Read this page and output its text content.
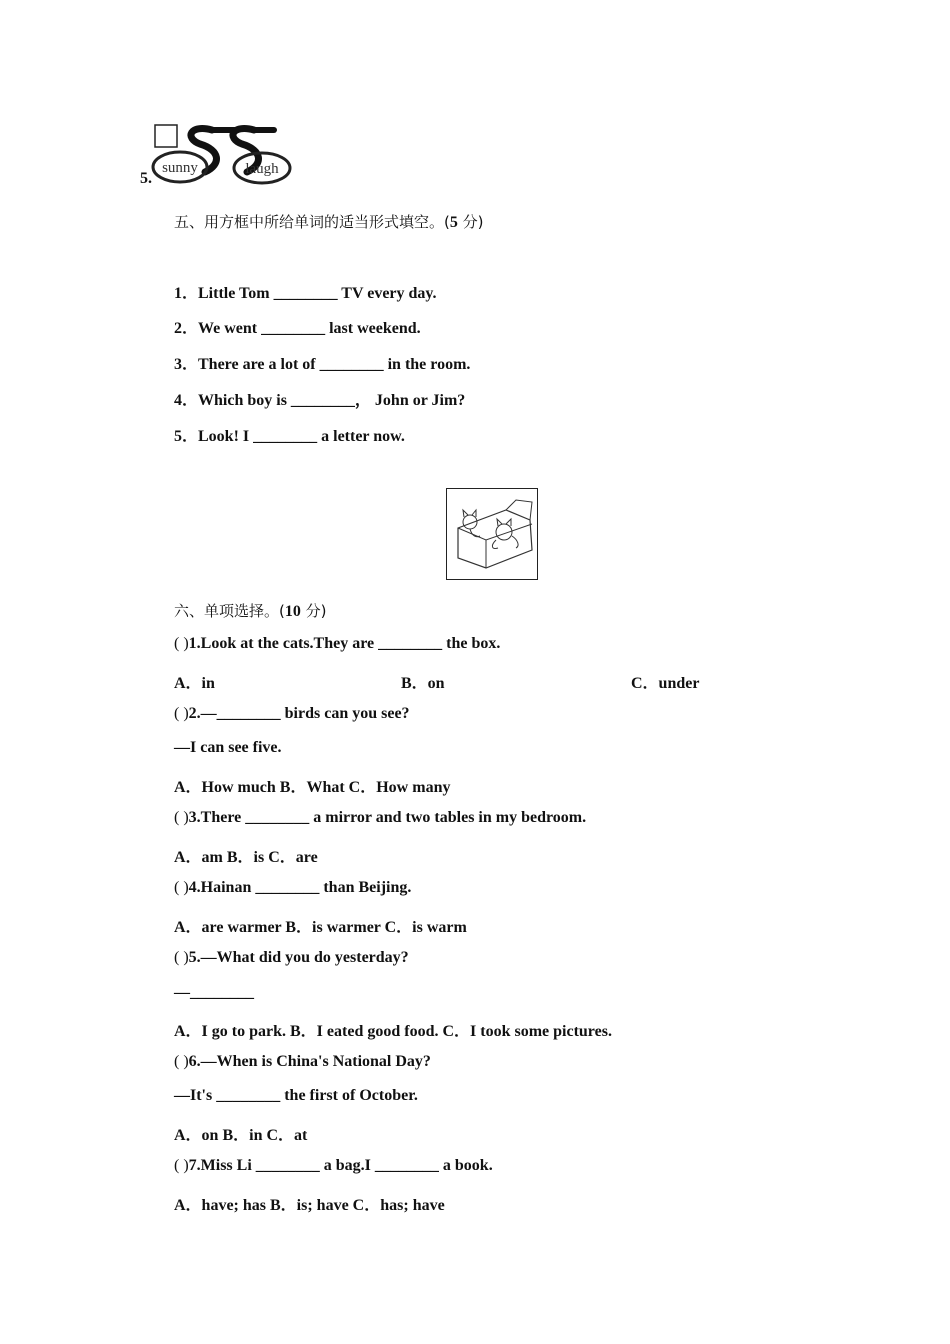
5.
sunny	laugh
五、用方框中所给单词的适当形式填空。(5 分)
1．Little Tom ________ TV every day.
2．We went ________ last weekend.
3．There are a lot of ________ in the room.
4．Which boy is ________， John or Jim?
5．Look! I ________ a letter now.
六、单项选择。(10 分)
( )1.Look at the cats.They are ________ the box.
A．in	B．on	C．under
( )2.—________ birds can you see?
—I can see five.
A．How much B．What C．How many
( )3.There ________ a mirror and two tables in my bedroom.
A．am B．is C．are
( )4.Hainan ________ than Beijing.
A．are warmer B．is warmer C．is warm
( )5.—What did you do yesterday?
—________
A．I go to park. B．I eated good food. C．I took some pictures.
( )6.—When is China's National Day?
—It's ________ the first of October.
A．on B．in C．at
( )7.Miss Li ________ a bag.I ________ a book.
A．have; has B．is; have C．has; have
